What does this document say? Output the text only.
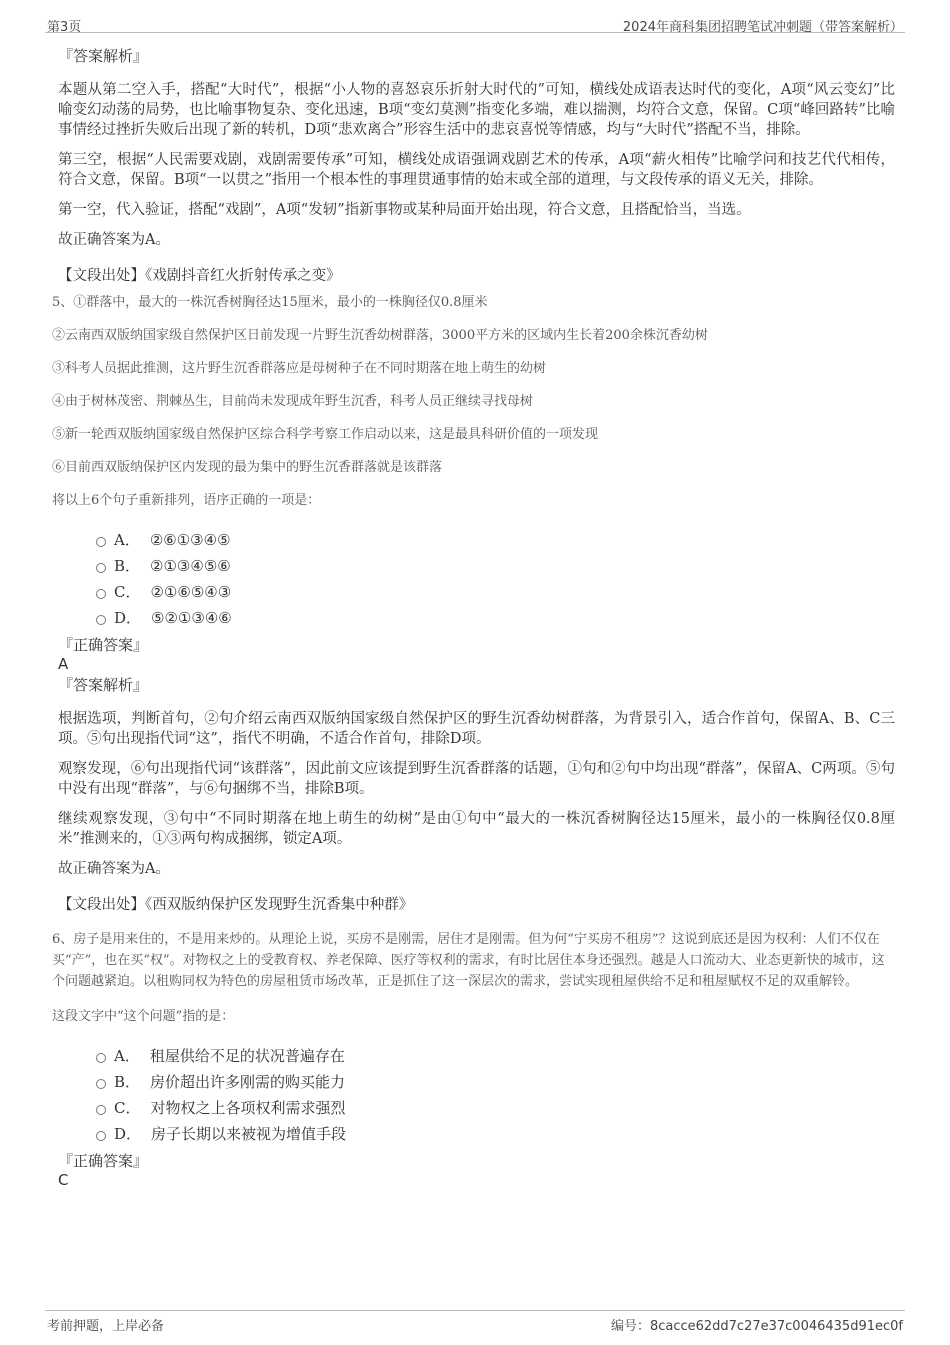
第3页	2024年商科集团招聘笔试冲刺题（带答案解析）
『答案解析』
本题从第二空入手，搭配“大时代”，根据“小人物的喜怒哀乐折射大时代的”可知，横线处成语表达时代的变化，A项“风云变幻”比喻变幻动荡的局势，也比喻事物复杂、变化迅速，B项“变幻莫测”指变化多端，难以揣测，均符合文意，保留。C项“峰回路转”比喻事情经过挫折失败后出现了新的转机，D项“悲欢离合”形容生活中的悲哀喜悦等情感，均与“大时代”搭配不当，排除。
第三空，根据“人民需要戏剧，戏剧需要传承”可知，横线处成语强调戏剧艺术的传承，A项“薪火相传”比喻学问和技艺代代相传，符合文意，保留。B项“一以贯之”指用一个根本性的事理贯通事情的始末或全部的道理，与文段传承的语义无关，排除。
第一空，代入验证，搭配“戏剧”，A项“发轫”指新事物或某种局面开始出现，符合文意，且搭配恰当，当选。
故正确答案为A。
【文段出处】《戏剧抖音红火折射传承之变》
5、①群落中，最大的一株沉香树胸径达15厘米，最小的一株胸径仅0.8厘米
②云南西双版纳国家级自然保护区日前发现一片野生沉香幼树群落，3000平方米的区域内生长着200余株沉香幼树
③科考人员据此推测，这片野生沉香群落应是母树种子在不同时期落在地上萌生的幼树
④由于树林茂密、荆棘丛生，目前尚未发现成年野生沉香，科考人员正继续寻找母树
⑤新一轮西双版纳国家级自然保护区综合科学考察工作启动以来，这是最具科研价值的一项发现
⑥目前西双版纳保护区内发现的最为集中的野生沉香群落就是该群落
将以上6个句子重新排列，语序正确的一项是：
A． ②⑥①③④⑤
B． ②①③④⑤⑥
C． ②①⑥⑤④③
D． ⑤②①③④⑥
『正确答案』
A
『答案解析』
根据选项，判断首句，②句介绍云南西双版纳国家级自然保护区的野生沉香幼树群落，为背景引入，适合作首句，保留A、B、C三项。⑤句出现指代词“这”，指代不明确，不适合作首句，排除D项。
观察发现，⑥句出现指代词“该群落”，因此前文应该提到野生沉香群落的话题，①句和②句中均出现“群落”，保留A、C两项。⑤句中没有出现“群落”，与⑥句捆绑不当，排除B项。
继续观察发现，③句中“不同时期落在地上萌生的幼树”是由①句中“最大的一株沉香树胸径达15厘米，最小的一株胸径仅0.8厘米”推测来的，①③两句构成捆绑，锁定A项。
故正确答案为A。
【文段出处】《西双版纳保护区发现野生沉香集中种群》
6、房子是用来住的，不是用来炒的。从理论上说，买房不是刚需，居住才是刚需。但为何“宁买房不租房”？这说到底还是因为权利：人们不仅在买“产”，也在买“权”。对物权之上的受教育权、养老保障、医疗等权利的需求，有时比居住本身还强烈。越是人口流动大、业态更新快的城市，这个问题越紧迫。以租购同权为特色的房屋租赁市场改革，正是抓住了这一深层次的需求，尝试实现租屋供给不足和租屋赋权不足的双重解铃。
这段文字中“这个问题”指的是：
A． 租屋供给不足的状况普遍存在
B． 房价超出许多刚需的购买能力
C． 对物权之上各项权利需求强烈
D． 房子长期以来被视为增值手段
『正确答案』
C
考前押题，上岸必备	编号：8cacce62dd7c27e37c0046435d91ec0f
